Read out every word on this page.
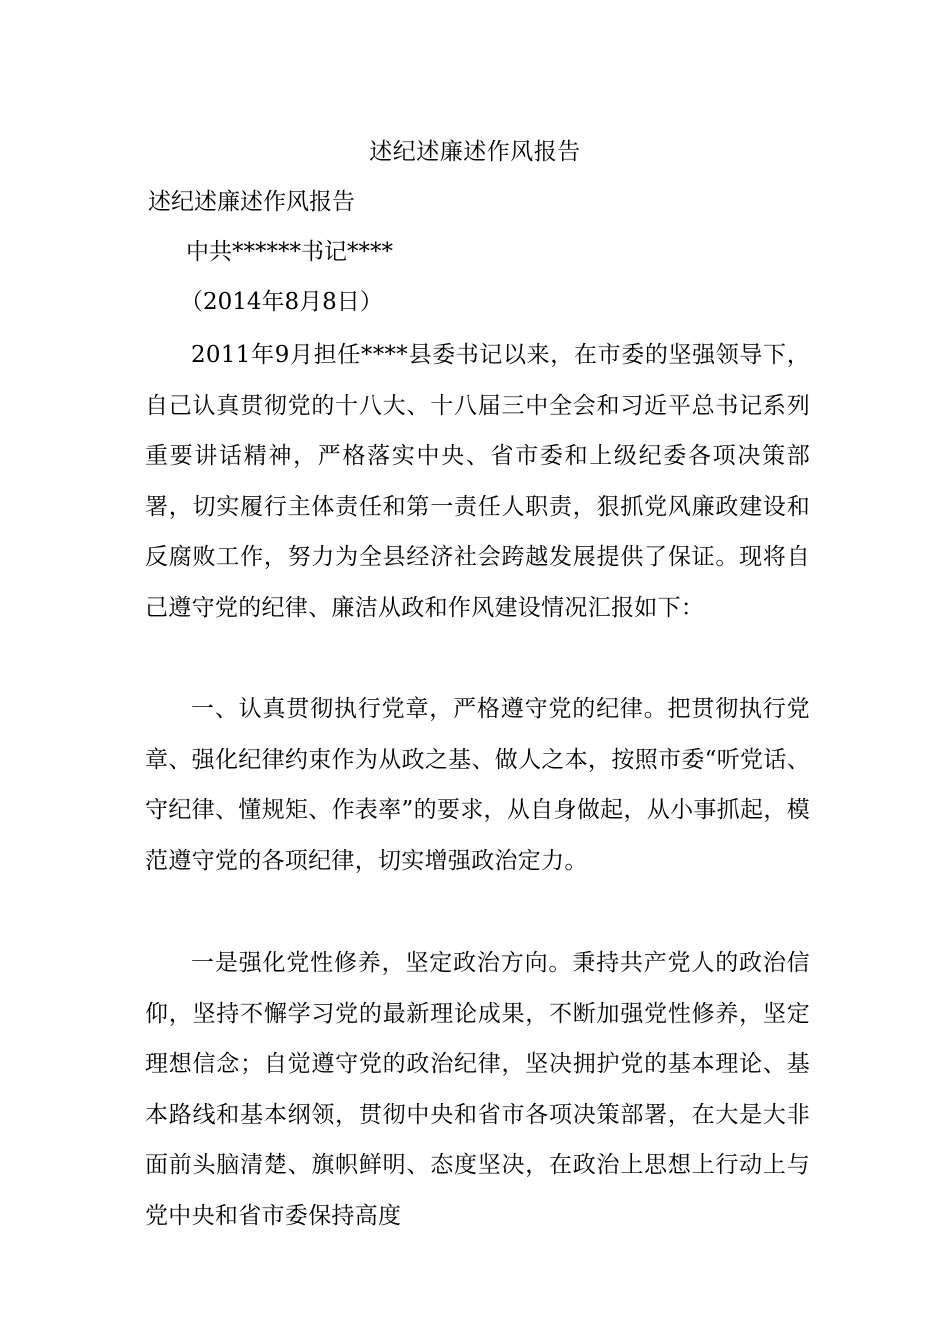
述纪述廉述作风报告
述纪述廉述作风报告
中共******书记****
（2014年8月8日）

2011年9月担任****县委书记以来，在市委的坚强领导下，自己认真贯彻党的十八大、十八届三中全会和习近平总书记系列重要讲话精神，严格落实中央、省市委和上级纪委各项决策部署，切实履行主体责任和第一责任人职责，狠抓党风廉政建设和反腐败工作，努力为全县经济社会跨越发展提供了保证。现将自己遵守党的纪律、廉洁从政和作风建设情况汇报如下：

一、认真贯彻执行党章，严格遵守党的纪律。把贯彻执行党章、强化纪律约束作为从政之基、做人之本，按照市委“听党话、守纪律、懂规矩、作表率”的要求，从自身做起，从小事抓起，模范遵守党的各项纪律，切实增强政治定力。

一是强化党性修养，坚定政治方向。秉持共产党人的政治信仰，坚持不懈学习党的最新理论成果，不断加强党性修养，坚定理想信念；自觉遵守党的政治纪律，坚决拥护党的基本理论、基本路线和基本纲领，贯彻中央和省市各项决策部署，在大是大非面前头脑清楚、旗帜鲜明、态度坚决，在政治上思想上行动上与党中央和省市委保持高度
